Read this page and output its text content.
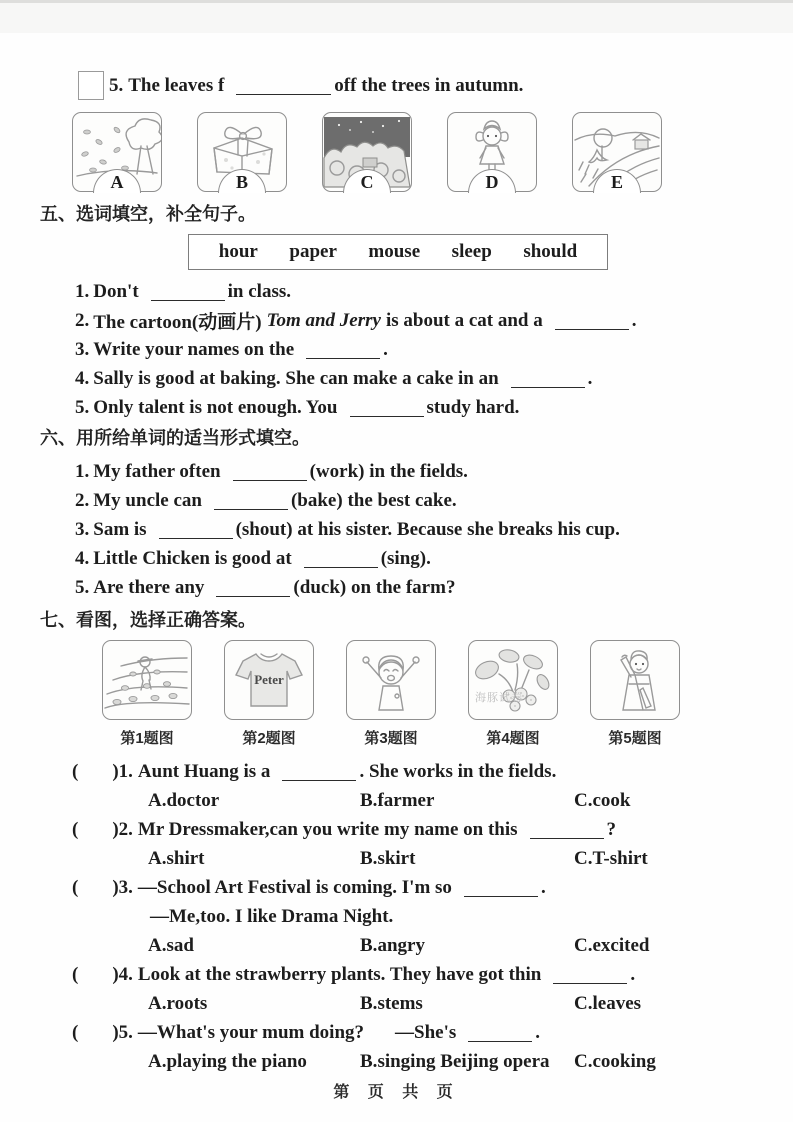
5. The leaves f	off the trees in autumn.
A	B	C	D	E
五、选词填空，补全句子。
hour paper mouse sleep should
1. Don't	in class.
2. The cartoon(动画片) Tom and Jerry is about a cat and a	.
3. Write your names on the	.
4. Sally is good at baking. She can make a cake in an	.
5. Only talent is not enough. You	study hard.
六、用所给单词的适当形式填空。
1. My father often	(work) in the fields.
2. My uncle can	(bake) the best cake.
3. Sam is	(shout) at his sister. Because she breaks his cup.
4. Little Chicken is good at	(sing).
5. Are there any	(duck) on the farm?
七、看图，选择正确答案。
第1题图
Peter
第2题图	第3题图
海豚试卷
第4题图	第5题图
( ) 1. Aunt Huang is a	. She works in the fields.
A.doctor	B.farmer	C.cook
( ) 2. Mr Dressmaker,can you write my name on this	?
A.shirt	B.skirt	C.T-shirt
( ) 3. —School Art Festival is coming. I'm so	.
—Me,too. I like Drama Night.
A.sad	B.angry	C.excited
( ) 4. Look at the strawberry plants. They have got thin	.
A.roots	B.stems	C.leaves
( ) 5. —What's your mum doing? —She's	.
A.playing the piano	B.singing Beijing opera	C.cooking
第 页 共 页
